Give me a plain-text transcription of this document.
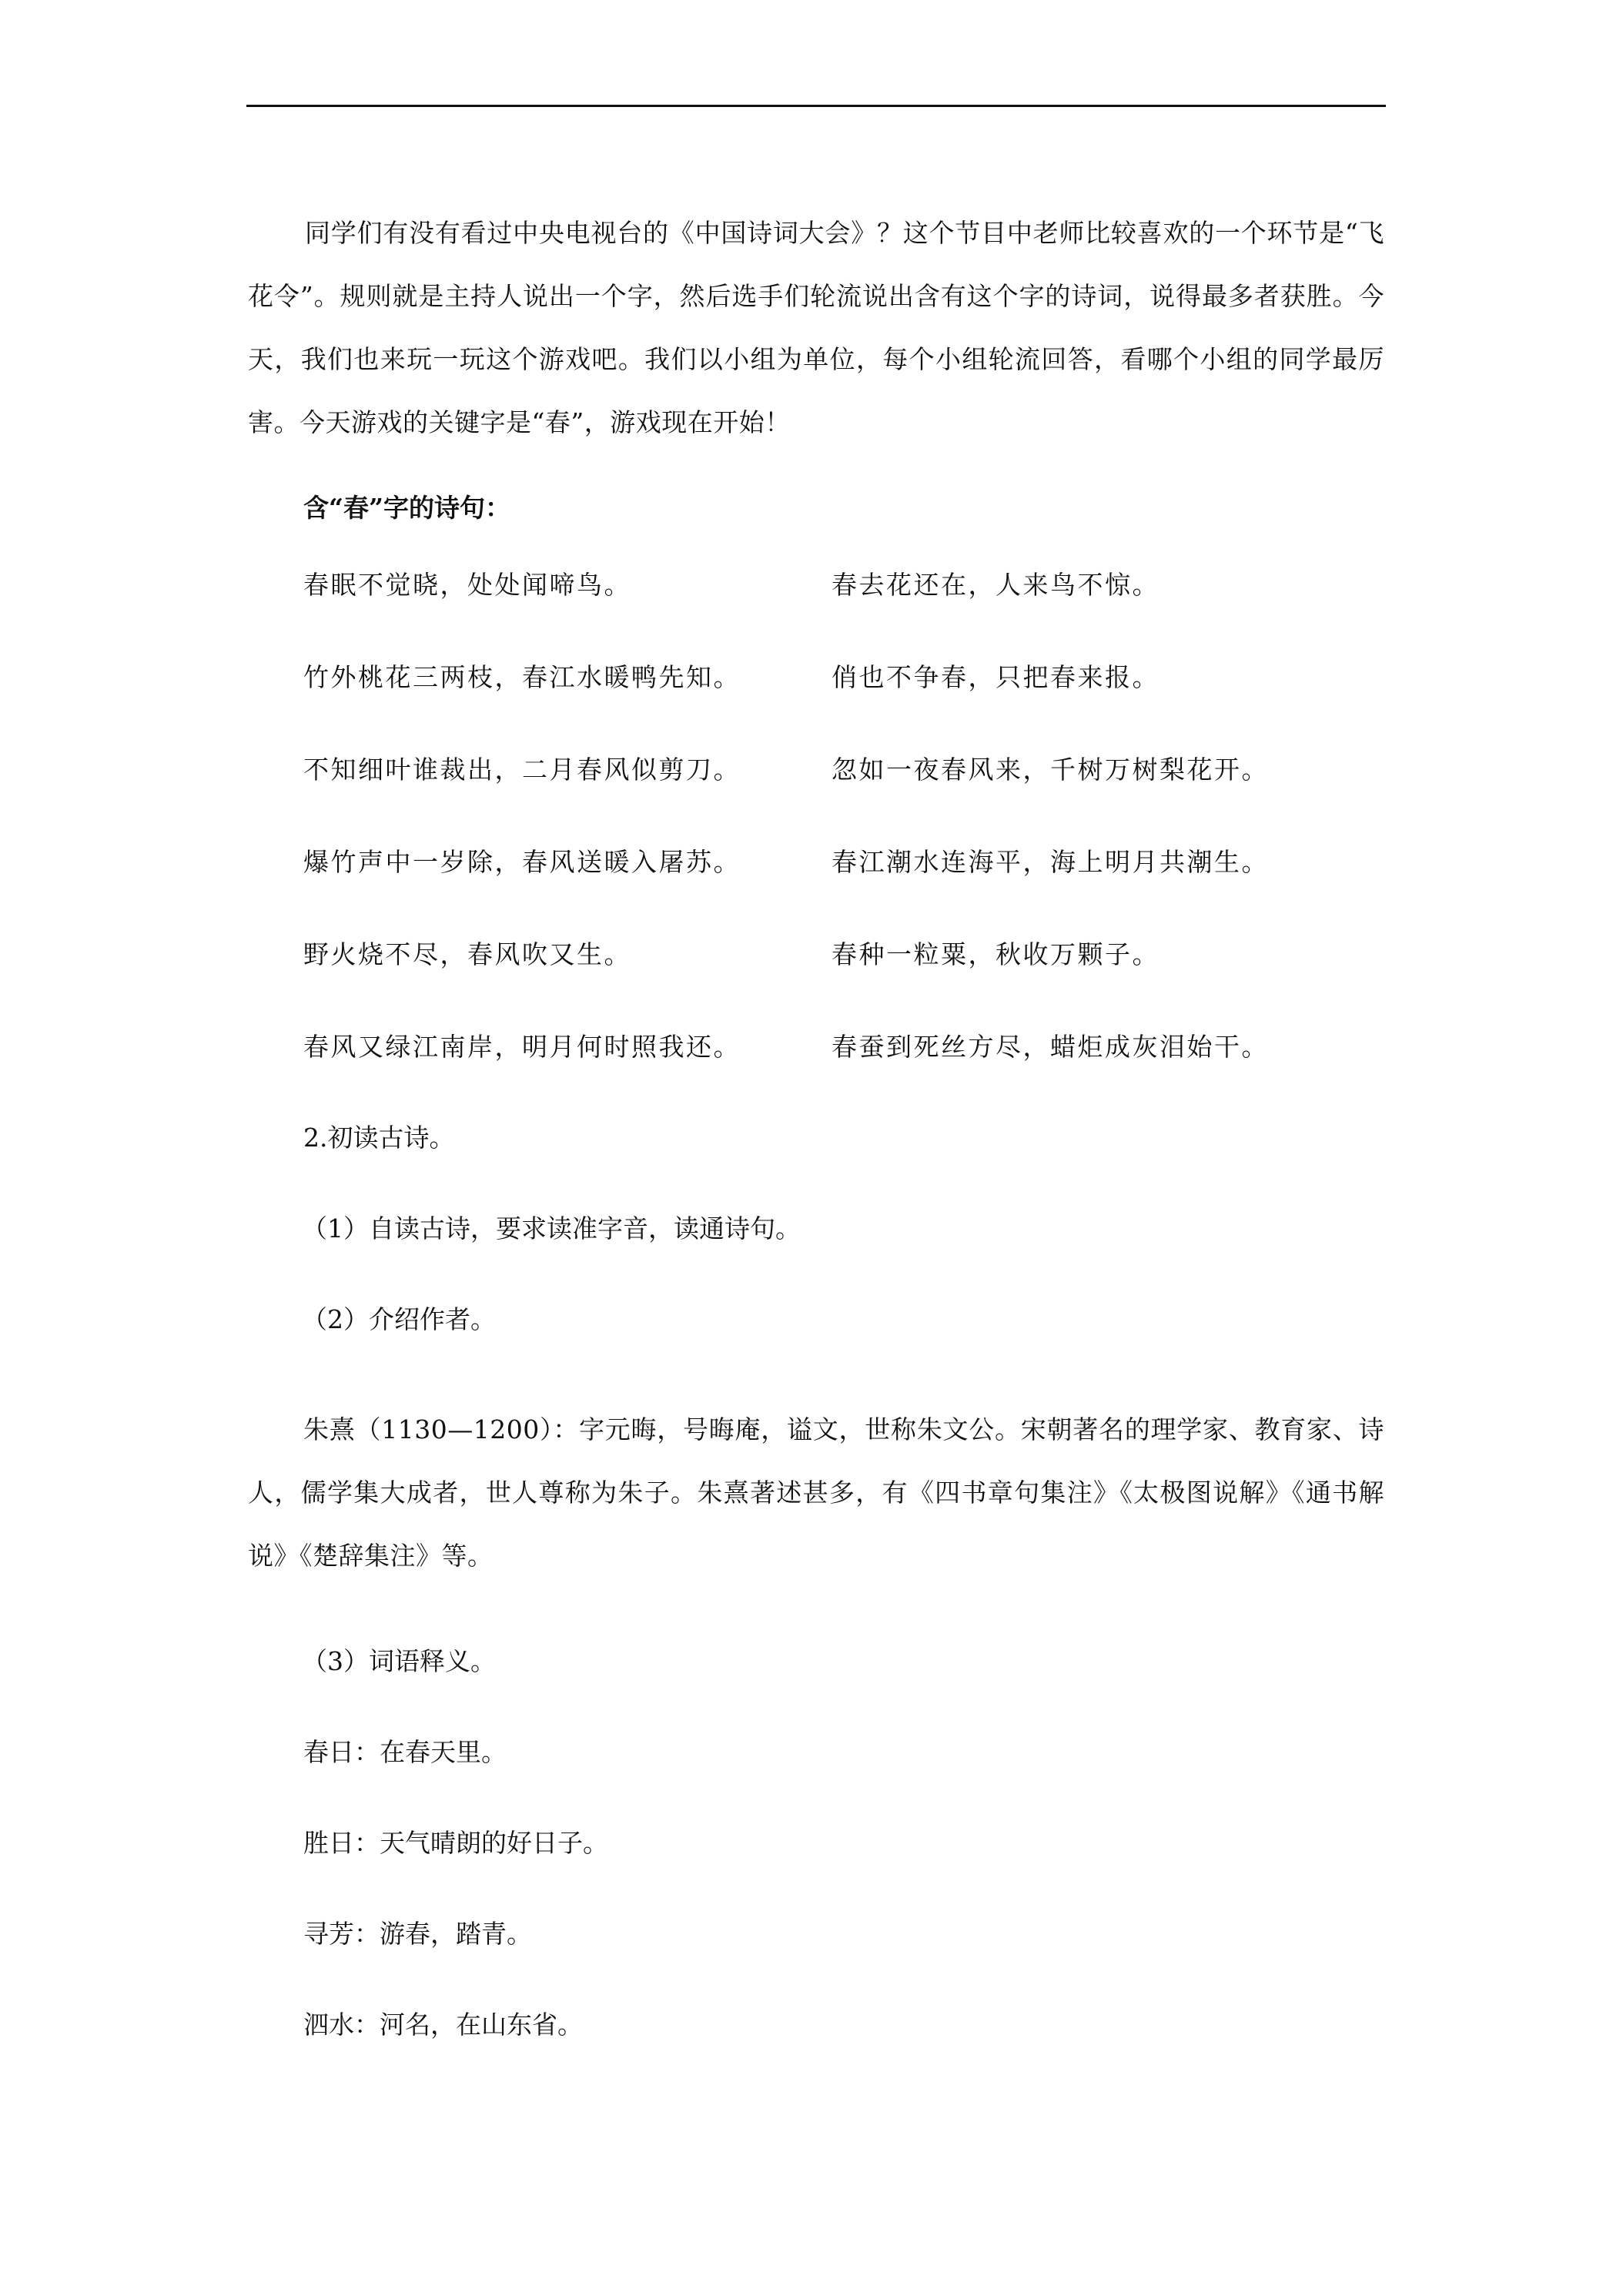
同学们有没有看过中央电视台的《中国诗词大会》？这个节目中老师比较喜欢的一个环节是“飞花令”。规则就是主持人说出一个字，然后选手们轮流说出含有这个字的诗词，说得最多者获胜。今天，我们也来玩一玩这个游戏吧。我们以小组为单位，每个小组轮流回答，看哪个小组的同学最厉害。今天游戏的关键字是“春”，游戏现在开始！

含“春”字的诗句：
春眠不觉晓，处处闻啼鸟。	春去花还在，人来鸟不惊。
竹外桃花三两枝，春江水暖鸭先知。	俏也不争春，只把春来报。
不知细叶谁裁出，二月春风似剪刀。	忽如一夜春风来，千树万树梨花开。
爆竹声中一岁除，春风送暖入屠苏。	春江潮水连海平，海上明月共潮生。
野火烧不尽，春风吹又生。	春种一粒粟，秋收万颗子。
春风又绿江南岸，明月何时照我还。	春蚕到死丝方尽，蜡炬成灰泪始干。

2.初读古诗。

（1）自读古诗，要求读准字音，读通诗句。

（2）介绍作者。

朱熹（1130—1200）：字元晦，号晦庵，谥文，世称朱文公。宋朝著名的理学家、教育家、诗人，儒学集大成者，世人尊称为朱子。朱熹著述甚多，有《四书章句集注》《太极图说解》《通书解说》《楚辞集注》等。

（3）词语释义。

春日：在春天里。

胜日：天气晴朗的好日子。

寻芳：游春，踏青。

泗水：河名，在山东省。
